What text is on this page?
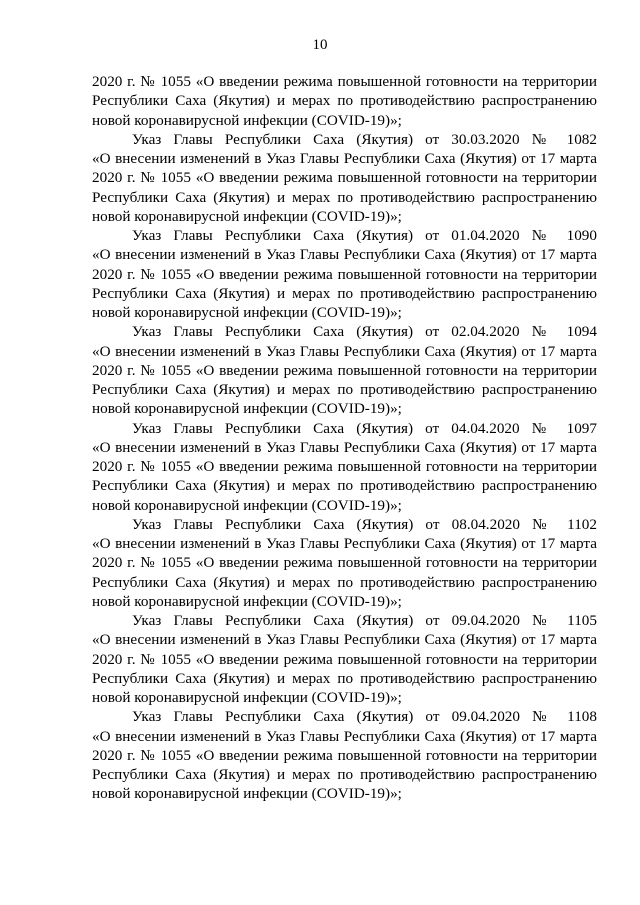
10
2020 г. № 1055 «О введении режима повышенной готовности на территории
Республики Саха (Якутия) и мерах по противодействию распространению
новой коронавирусной инфекции (COVID-19)»;
Указ Главы Республики Саха (Якутия) от 30.03.2020 № 1082
«О внесении изменений в Указ Главы Республики Саха (Якутия) от 17 марта
2020 г. № 1055 «О введении режима повышенной готовности на территории
Республики Саха (Якутия) и мерах по противодействию распространению
новой коронавирусной инфекции (COVID-19)»;
Указ Главы Республики Саха (Якутия) от 01.04.2020 № 1090
«О внесении изменений в Указ Главы Республики Саха (Якутия) от 17 марта
2020 г. № 1055 «О введении режима повышенной готовности на территории
Республики Саха (Якутия) и мерах по противодействию распространению
новой коронавирусной инфекции (COVID-19)»;
Указ Главы Республики Саха (Якутия) от 02.04.2020 № 1094
«О внесении изменений в Указ Главы Республики Саха (Якутия) от 17 марта
2020 г. № 1055 «О введении режима повышенной готовности на территории
Республики Саха (Якутия) и мерах по противодействию распространению
новой коронавирусной инфекции (COVID-19)»;
Указ Главы Республики Саха (Якутия) от 04.04.2020 № 1097
«О внесении изменений в Указ Главы Республики Саха (Якутия) от 17 марта
2020 г. № 1055 «О введении режима повышенной готовности на территории
Республики Саха (Якутия) и мерах по противодействию распространению
новой коронавирусной инфекции (COVID-19)»;
Указ Главы Республики Саха (Якутия) от 08.04.2020 № 1102
«О внесении изменений в Указ Главы Республики Саха (Якутия) от 17 марта
2020 г. № 1055 «О введении режима повышенной готовности на территории
Республики Саха (Якутия) и мерах по противодействию распространению
новой коронавирусной инфекции (COVID-19)»;
Указ Главы Республики Саха (Якутия) от 09.04.2020 № 1105
«О внесении изменений в Указ Главы Республики Саха (Якутия) от 17 марта
2020 г. № 1055 «О введении режима повышенной готовности на территории
Республики Саха (Якутия) и мерах по противодействию распространению
новой коронавирусной инфекции (COVID-19)»;
Указ Главы Республики Саха (Якутия) от 09.04.2020 № 1108
«О внесении изменений в Указ Главы Республики Саха (Якутия) от 17 марта
2020 г. № 1055 «О введении режима повышенной готовности на территории
Республики Саха (Якутия) и мерах по противодействию распространению
новой коронавирусной инфекции (COVID-19)»;
